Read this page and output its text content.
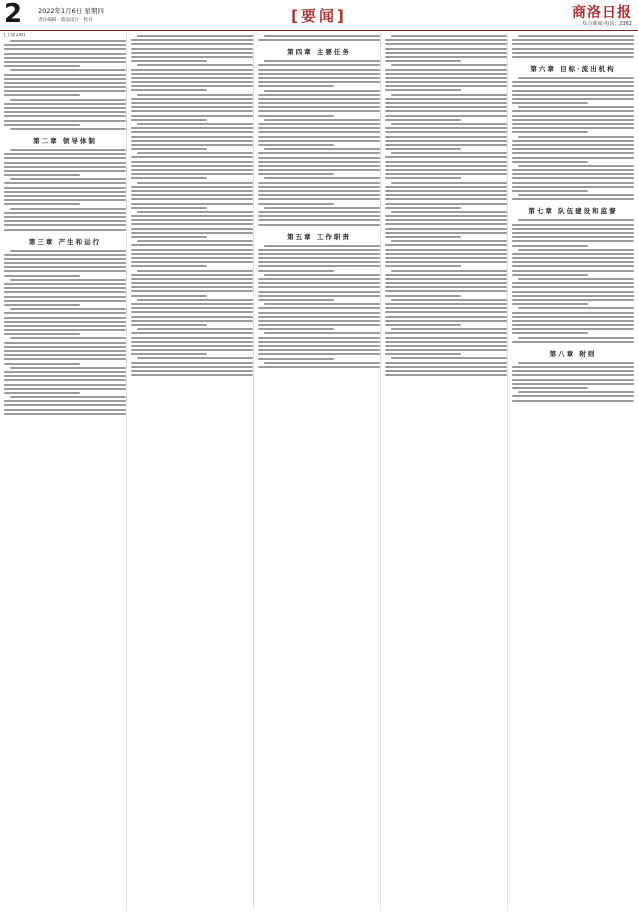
2 2022年1月6日 星期四
责任编辑 · 版面设计 · 校对	[要闻]	商洛日报
综合新闻·电话：2362
(上接1版)
第二章 领导体制
第三章 产生和运行
第四章 主要任务
第五章 工作职责
第六章 目标·流出机构
第七章 队伍建设和监督
第八章 附则
